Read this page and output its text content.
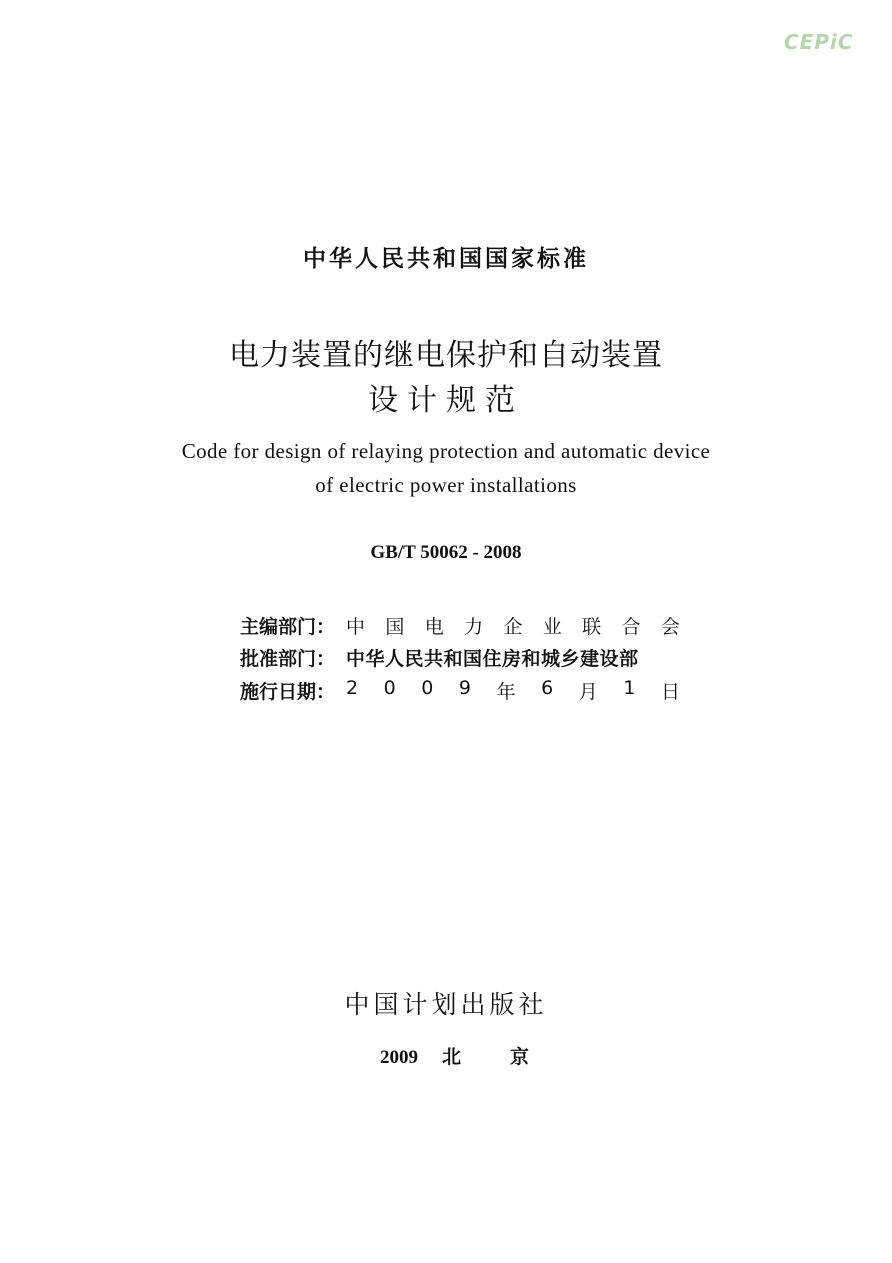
CEPiC
中华人民共和国国家标准
电力装置的继电保护和自动装置
设计规范
Code for design of relaying protection and automatic device
of electric power installations
GB/T 50062 - 2008
主编部门： 中 国 电 力 企 业 联 合 会
批准部门： 中华人民共和国住房和城乡建设部
施行日期： 2 0 0 9 年 6 月 1 日
中国计划出版社
2009 北	京
